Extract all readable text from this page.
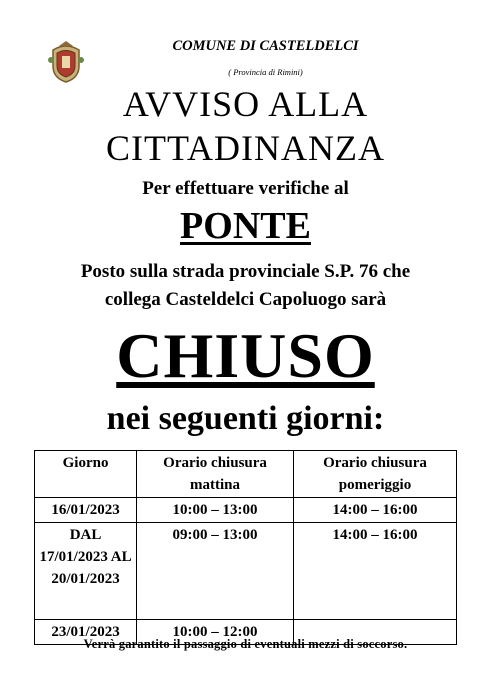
COMUNE DI CASTELDELCI
( Provincia di Rimini)
AVVISO ALLA
CITTADINANZA
Per effettuare verifiche al
PONTE
Posto sulla strada provinciale S.P. 76 che
collega Casteldelci Capoluogo sarà
CHIUSO
nei seguenti giorni:
Giorno	Orario chiusura mattina	Orario chiusura pomeriggio
16/01/2023	10:00 – 13:00	14:00 – 16:00
DAL 17/01/2023 AL 20/01/2023	09:00 – 13:00	14:00 – 16:00
23/01/2023	10:00 – 12:00	
Verrà garantito il passaggio di eventuali mezzi di soccorso.
